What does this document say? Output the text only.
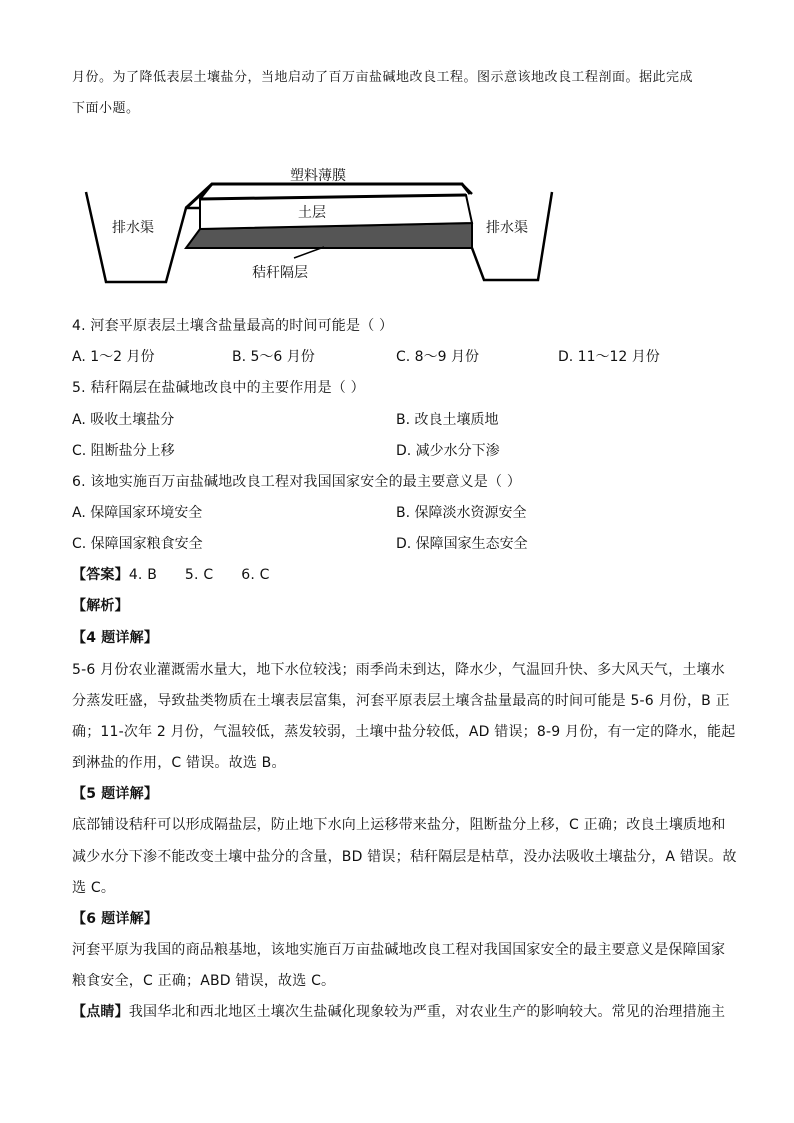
月份。为了降低表层土壤盐分，当地启动了百万亩盐碱地改良工程。图示意该地改良工程剖面。据此完成
下面小题。
塑料薄膜
土层
秸秆隔层
排水渠	排水渠
4. 河套平原表层土壤含盐量最高的时间可能是（ ）
A. 1～2 月份	B. 5～6 月份	C. 8～9 月份	D. 11～12 月份
5. 秸秆隔层在盐碱地改良中的主要作用是（ ）
A. 吸收土壤盐分	B. 改良土壤质地
C. 阻断盐分上移	D. 减少水分下渗
6. 该地实施百万亩盐碱地改良工程对我国国家安全的最主要意义是（ ）
A. 保障国家环境安全	B. 保障淡水资源安全
C. 保障国家粮食安全	D. 保障国家生态安全
【答案】4. B      5. C      6. C
【解析】
【4 题详解】
5-6 月份农业灌溉需水量大，地下水位较浅；雨季尚未到达，降水少，气温回升快、多大风天气，土壤水
分蒸发旺盛，导致盐类物质在土壤表层富集，河套平原表层土壤含盐量最高的时间可能是 5-6 月份，B 正
确；11-次年 2 月份，气温较低，蒸发较弱，土壤中盐分较低，AD 错误；8-9 月份，有一定的降水，能起
到淋盐的作用，C 错误。故选 B。
【5 题详解】
底部铺设秸秆可以形成隔盐层，防止地下水向上运移带来盐分，阻断盐分上移，C 正确；改良土壤质地和
减少水分下渗不能改变土壤中盐分的含量，BD 错误；秸秆隔层是枯草，没办法吸收土壤盐分，A 错误。故
选 C。
【6 题详解】
河套平原为我国的商品粮基地，该地实施百万亩盐碱地改良工程对我国国家安全的最主要意义是保障国家
粮食安全，C 正确；ABD 错误，故选 C。
【点睛】我国华北和西北地区土壤次生盐碱化现象较为严重，对农业生产的影响较大。常见的治理措施主
